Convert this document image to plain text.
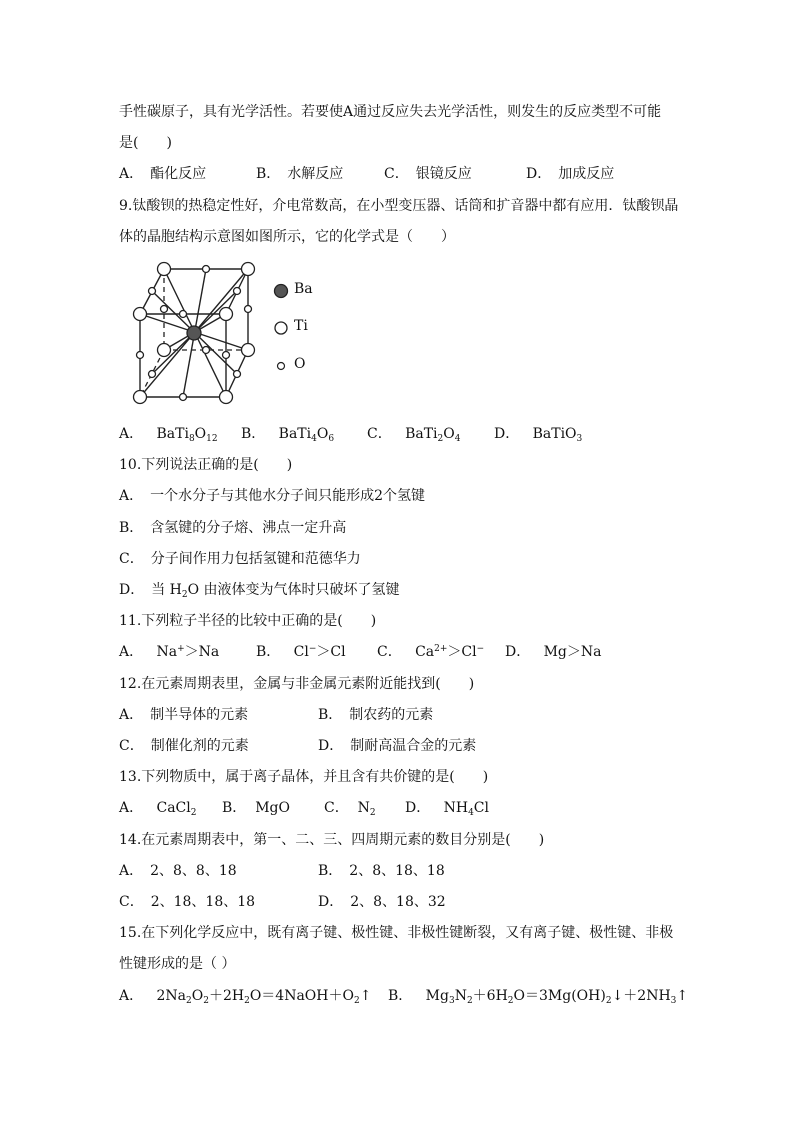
手性碳原子，具有光学活性。若要使A通过反应失去光学活性，则发生的反应类型不可能
是(　　)
A．　酯化反应	B．　水解反应	C．　银镜反应	D．　加成反应
9.钛酸钡的热稳定性好，介电常数高，在小型变压器、话筒和扩音器中都有应用．钛酸钡晶
体的晶胞结构示意图如图所示，它的化学式是（　　）
Ba
Ti
O
A． $BaTi_8O_{12}$ B． $BaTi_4O_6$ C． $BaTi_2O_4$ D． BaTiO$_3$
10.下列说法正确的是(　　)
A．　一个水分子与其他水分子间只能形成2个氢键
B．　含氢键的分子熔、沸点一定升高
C．　分子间作用力包括氢键和范德华力
D．　当 $H_2O$ 由液体变为气体时只破坏了氢键
11.下列粒子半径的比较中正确的是(　　)
A． Na+＞Na	B． Cl−＞Cl C． $Ca^{2+}>Cl^-$ D． Mg＞Na
12.在元素周期表里，金属与非金属元素附近能找到(　　)
A．　制半导体的元素	B．　制农药的元素
C．　制催化剂的元素	D．　制耐高温合金的元素
13.下列物质中，属于离子晶体，并且含有共价键的是(　　)
A． CaCl$_2$ B． MgO C． $N_2$ D． $NH_4Cl$
14.在元素周期表中，第一、二、三、四周期元素的数目分别是(　　)
A．　2、8、8、18	B．　2、8、18、18
C．　2、18、18、18	D．　2、8、18、32
15.在下列化学反应中，既有离子键、极性键、非极性键断裂，又有离子键、极性键、非极
性键形成的是（ ）
A． $2Na_2O_2+2H_2O=4NaOH+O_2↑$ B． $Mg_3N_2+6H_2O=3Mg(OH)_2↓+2NH_3↑$
